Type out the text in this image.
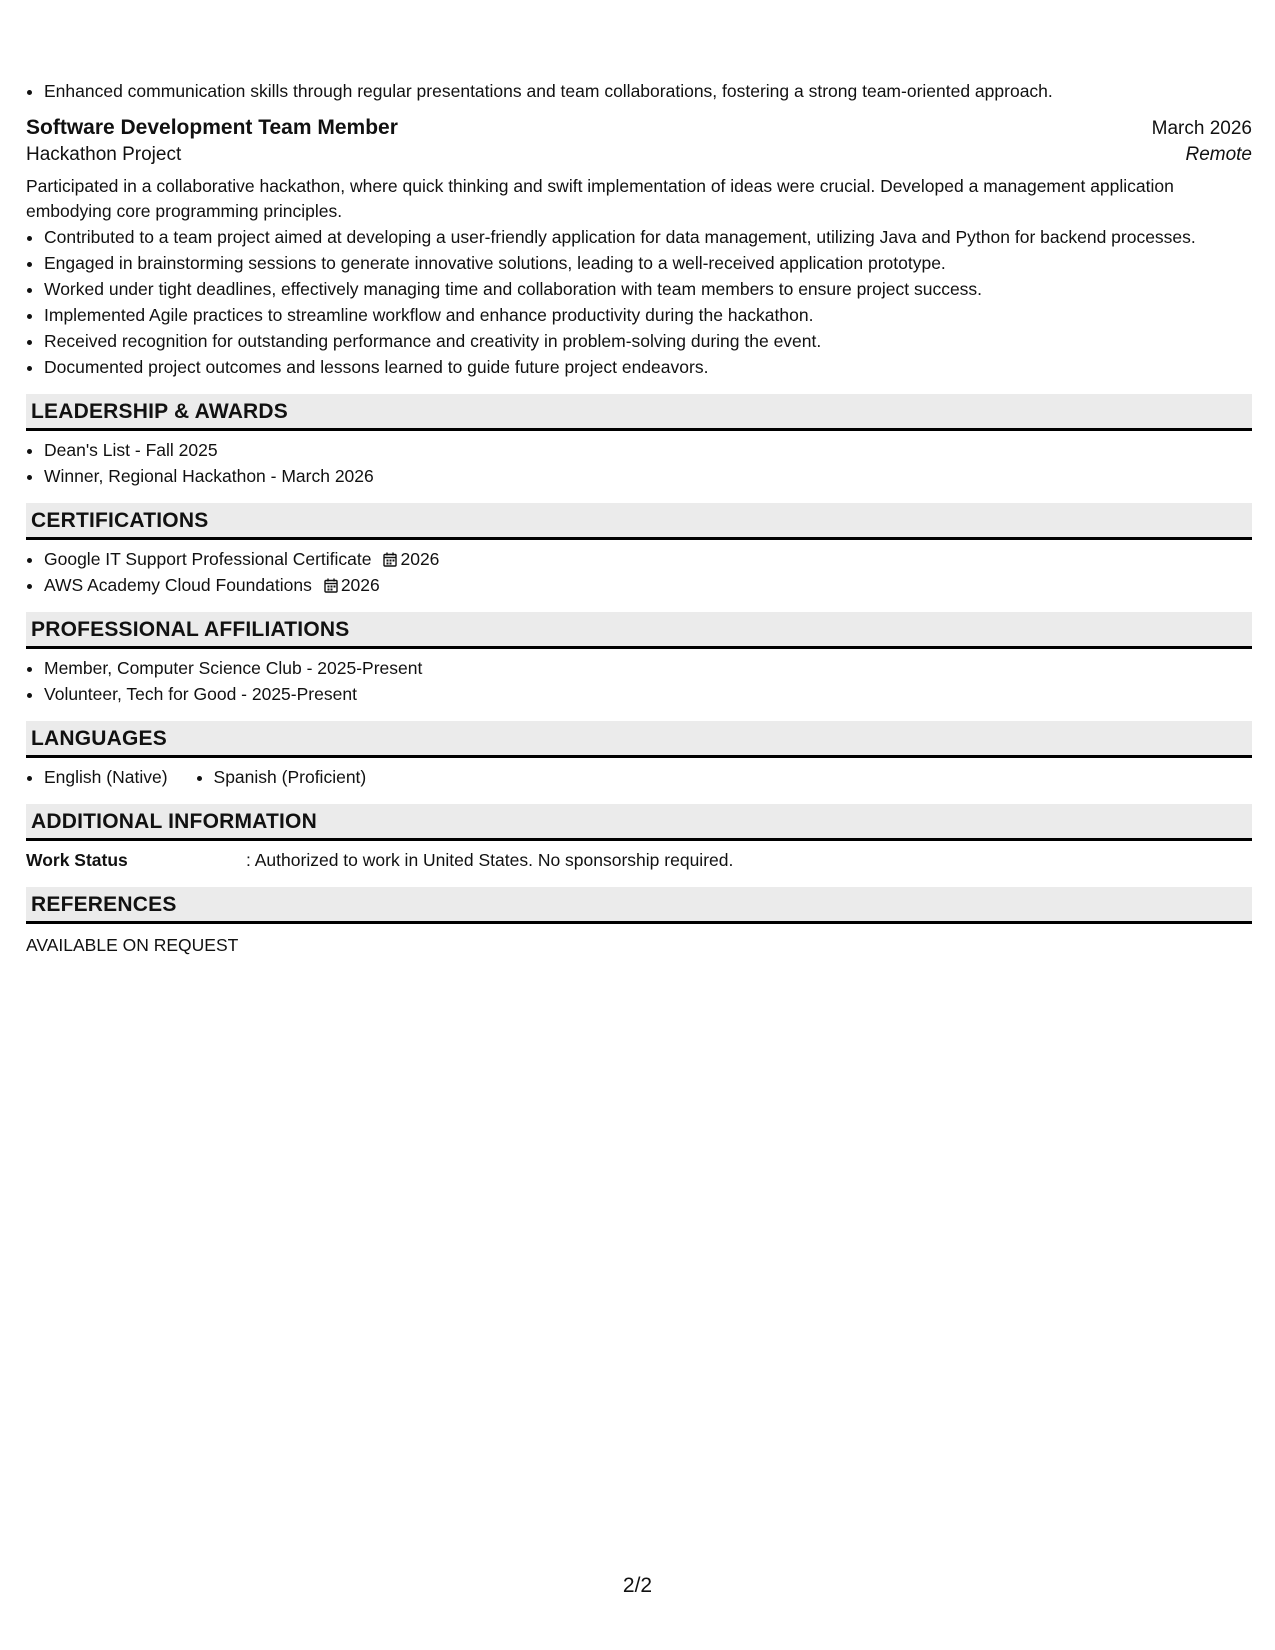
• Enhanced communication skills through regular presentations and team collaborations, fostering a strong team-oriented approach.
Software Development Team Member	March 2026
Hackathon Project	Remote
Participated in a collaborative hackathon, where quick thinking and swift implementation of ideas were crucial. Developed a management application embodying core programming principles.
• Contributed to a team project aimed at developing a user-friendly application for data management, utilizing Java and Python for backend processes.
• Engaged in brainstorming sessions to generate innovative solutions, leading to a well-received application prototype.
• Worked under tight deadlines, effectively managing time and collaboration with team members to ensure project success.
• Implemented Agile practices to streamline workflow and enhance productivity during the hackathon.
• Received recognition for outstanding performance and creativity in problem-solving during the event.
• Documented project outcomes and lessons learned to guide future project endeavors.
LEADERSHIP & AWARDS
• Dean's List - Fall 2025
• Winner, Regional Hackathon - March 2026
CERTIFICATIONS
• Google IT Support Professional Certificate 2026
• AWS Academy Cloud Foundations 2026
PROFESSIONAL AFFILIATIONS
• Member, Computer Science Club - 2025-Present
• Volunteer, Tech for Good - 2025-Present
LANGUAGES
• English (Native)
•	Spanish (Proficient)
ADDITIONAL INFORMATION
Work Status	: Authorized to work in United States. No sponsorship required.
REFERENCES
AVAILABLE ON REQUEST
2/2
